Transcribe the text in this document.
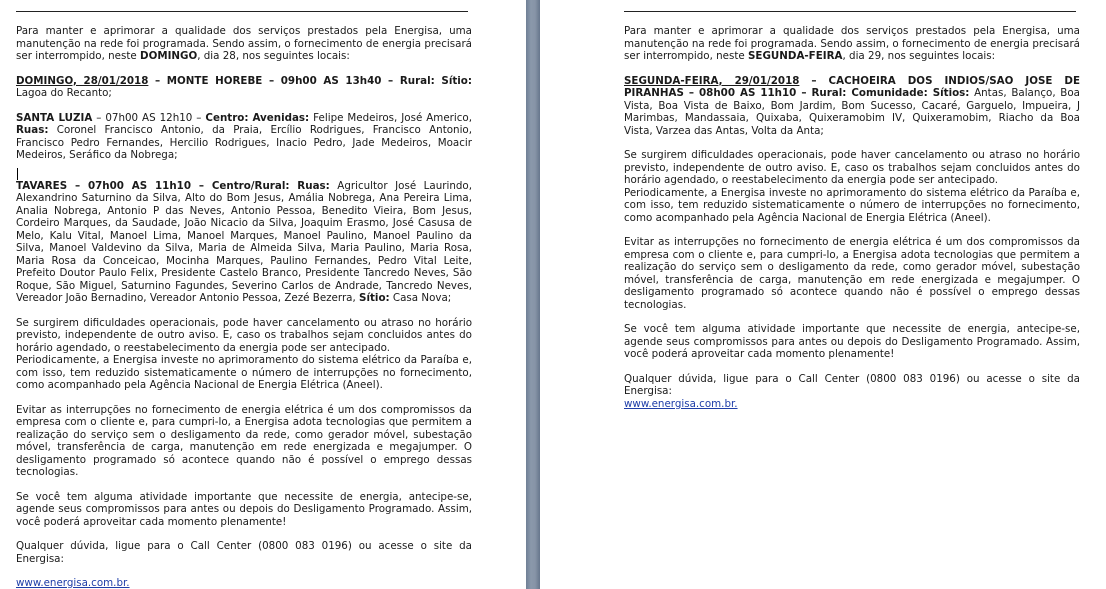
Para manter e aprimorar a qualidade dos serviços prestados pela Energisa, uma manutenção na rede foi programada. Sendo assim, o fornecimento de energia precisará ser interrompido, neste DOMINGO, dia 28, nos seguintes locais:

DOMINGO, 28/01/2018 – MONTE HOREBE – 09h00 AS 13h40 – Rural: Sítio: Lagoa do Recanto;

SANTA LUZIA – 07h00 AS 12h10 – Centro: Avenidas: Felipe Medeiros, José Americo, Ruas: Coronel Francisco Antonio, da Praia, Ercílio Rodrigues, Francisco Antonio, Francisco Pedro Fernandes, Hercilio Rodrigues, Inacio Pedro, Jade Medeiros, Moacir Medeiros, Seráfico da Nobrega;

TAVARES – 07h00 AS 11h10 – Centro/Rural: Ruas: Agricultor José Laurindo, Alexandrino Saturnino da Silva, Alto do Bom Jesus, Amália Nobrega, Ana Pereira Lima, Analia Nobrega, Antonio P das Neves, Antonio Pessoa, Benedito Vieira, Bom Jesus, Cordeiro Marques, da Saudade, João Nicacio da Silva, Joaquim Erasmo, José Casusa de Melo, Kalu Vital, Manoel Lima, Manoel Marques, Manoel Paulino, Manoel Paulino da Silva, Manoel Valdevino da Silva, Maria de Almeida Silva, Maria Paulino, Maria Rosa, Maria Rosa da Conceicao, Mocinha Marques, Paulino Fernandes, Pedro Vital Leite, Prefeito Doutor Paulo Felix, Presidente Castelo Branco, Presidente Tancredo Neves, São Roque, São Miguel, Saturnino Fagundes, Severino Carlos de Andrade, Tancredo Neves, Vereador João Bernadino, Vereador Antonio Pessoa, Zezé Bezerra, Sítio: Casa Nova;

Se surgirem dificuldades operacionais, pode haver cancelamento ou atraso no horário previsto, independente de outro aviso. E, caso os trabalhos sejam concluidos antes do horário agendado, o reestabelecimento da energia pode ser antecipado.

Periodicamente, a Energisa investe no aprimoramento do sistema elétrico da Paraíba e, com isso, tem reduzido sistematicamente o número de interrupções no fornecimento, como acompanhado pela Agência Nacional de Energia Elétrica (Aneel).

Evitar as interrupções no fornecimento de energia elétrica é um dos compromissos da empresa com o cliente e, para cumpri-lo, a Energisa adota tecnologias que permitem a realização do serviço sem o desligamento da rede, como gerador móvel, subestação móvel, transferência de carga, manutenção em rede energizada e megajumper. O desligamento programado só acontece quando não é possível o emprego dessas tecnologias.

Se você tem alguma atividade importante que necessite de energia, antecipe-se, agende seus compromissos para antes ou depois do Desligamento Programado. Assim, você poderá aproveitar cada momento plenamente!

Qualquer dúvida, ligue para o Call Center (0800 083 0196) ou acesse o site da Energisa:

www.energisa.com.br.

Para manter e aprimorar a qualidade dos serviços prestados pela Energisa, uma manutenção na rede foi programada. Sendo assim, o fornecimento de energia precisará ser interrompido, neste SEGUNDA-FEIRA, dia 29, nos seguintes locais:

SEGUNDA-FEIRA, 29/01/2018 – CACHOEIRA DOS INDIOS/SAO JOSE DE PIRANHAS – 08h00 AS 11h10 – Rural: Comunidade: Sítios: Antas, Balanço, Boa Vista, Boa Vista de Baixo, Bom Jardim, Bom Sucesso, Cacaré, Garguelo, Impueira, J Marimbas, Mandassaia, Quixaba, Quixeramobim IV, Quixeramobim, Riacho da Boa Vista, Varzea das Antas, Volta da Anta;

Se surgirem dificuldades operacionais, pode haver cancelamento ou atraso no horário previsto, independente de outro aviso. E, caso os trabalhos sejam concluidos antes do horário agendado, o reestabelecimento da energia pode ser antecipado.

Periodicamente, a Energisa investe no aprimoramento do sistema elétrico da Paraíba e, com isso, tem reduzido sistematicamente o número de interrupções no fornecimento, como acompanhado pela Agência Nacional de Energia Elétrica (Aneel).

Evitar as interrupções no fornecimento de energia elétrica é um dos compromissos da empresa com o cliente e, para cumpri-lo, a Energisa adota tecnologias que permitem a realização do serviço sem o desligamento da rede, como gerador móvel, subestação móvel, transferência de carga, manutenção em rede energizada e megajumper. O desligamento programado só acontece quando não é possível o emprego dessas tecnologias.

Se você tem alguma atividade importante que necessite de energia, antecipe-se, agende seus compromissos para antes ou depois do Desligamento Programado. Assim, você poderá aproveitar cada momento plenamente!

Qualquer dúvida, ligue para o Call Center (0800 083 0196) ou acesse o site da Energisa:

www.energisa.com.br.
